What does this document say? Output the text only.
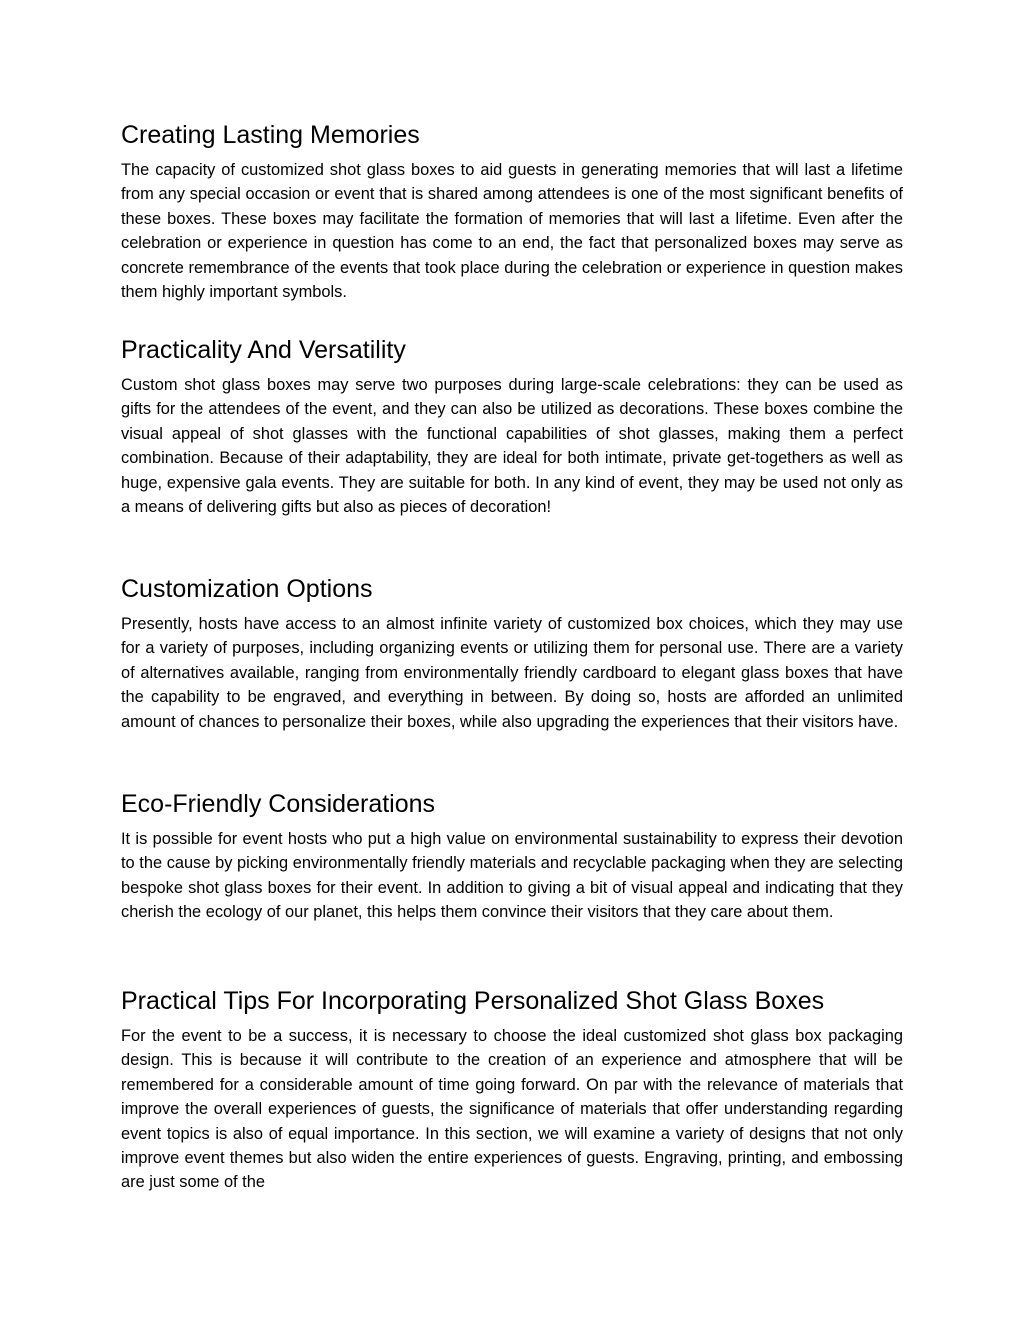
Creating Lasting Memories

The capacity of customized shot glass boxes to aid guests in generating memories that will last a lifetime from any special occasion or event that is shared among attendees is one of the most significant benefits of these boxes. These boxes may facilitate the formation of memories that will last a lifetime. Even after the celebration or experience in question has come to an end, the fact that personalized boxes may serve as concrete remembrance of the events that took place during the celebration or experience in question makes them highly important symbols.

Practicality And Versatility

Custom shot glass boxes may serve two purposes during large-scale celebrations: they can be used as gifts for the attendees of the event, and they can also be utilized as decorations. These boxes combine the visual appeal of shot glasses with the functional capabilities of shot glasses, making them a perfect combination. Because of their adaptability, they are ideal for both intimate, private get-togethers as well as huge, expensive gala events. They are suitable for both. In any kind of event, they may be used not only as a means of delivering gifts but also as pieces of decoration!

Customization Options

Presently, hosts have access to an almost infinite variety of customized box choices, which they may use for a variety of purposes, including organizing events or utilizing them for personal use. There are a variety of alternatives available, ranging from environmentally friendly cardboard to elegant glass boxes that have the capability to be engraved, and everything in between. By doing so, hosts are afforded an unlimited amount of chances to personalize their boxes, while also upgrading the experiences that their visitors have.

Eco-Friendly Considerations

It is possible for event hosts who put a high value on environmental sustainability to express their devotion to the cause by picking environmentally friendly materials and recyclable packaging when they are selecting bespoke shot glass boxes for their event. In addition to giving a bit of visual appeal and indicating that they cherish the ecology of our planet, this helps them convince their visitors that they care about them.

Practical Tips For Incorporating Personalized Shot Glass Boxes

For the event to be a success, it is necessary to choose the ideal customized shot glass box packaging design. This is because it will contribute to the creation of an experience and atmosphere that will be remembered for a considerable amount of time going forward. On par with the relevance of materials that improve the overall experiences of guests, the significance of materials that offer understanding regarding event topics is also of equal importance. In this section, we will examine a variety of designs that not only improve event themes but also widen the entire experiences of guests. Engraving, printing, and embossing are just some of the
